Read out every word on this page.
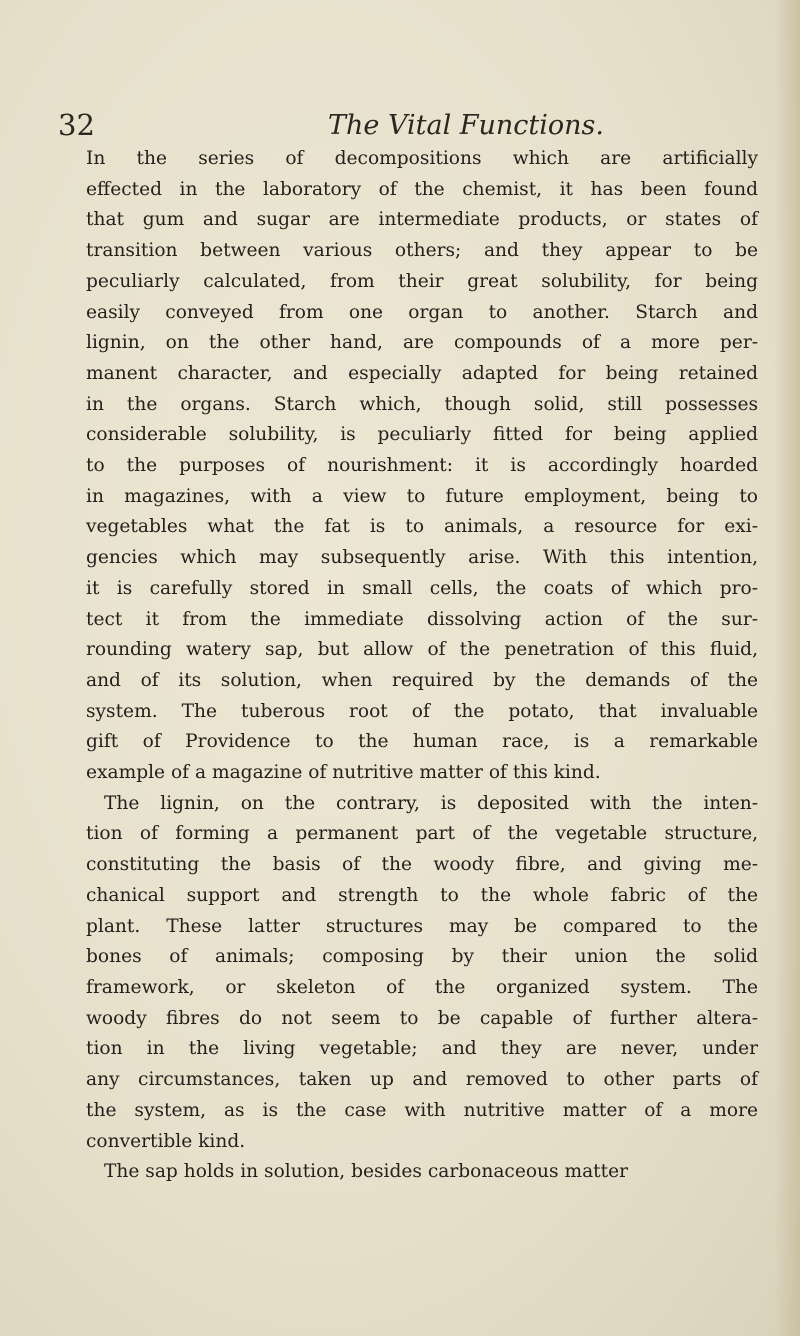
32	The Vital Functions.
In the series of decompositions which are artificially
effected in the laboratory of the chemist, it has been found
that gum and sugar are intermediate products, or states of
transition between various others; and they appear to be
peculiarly calculated, from their great solubility, for being
easily conveyed from one organ to another. Starch and
lignin, on the other hand, are compounds of a more per-
manent character, and especially adapted for being retained
in the organs. Starch which, though solid, still possesses
considerable solubility, is peculiarly fitted for being applied
to the purposes of nourishment: it is accordingly hoarded
in magazines, with a view to future employment, being to
vegetables what the fat is to animals, a resource for exi-
gencies which may subsequently arise. With this intention,
it is carefully stored in small cells, the coats of which pro-
tect it from the immediate dissolving action of the sur-
rounding watery sap, but allow of the penetration of this fluid,
and of its solution, when required by the demands of the
system. The tuberous root of the potato, that invaluable
gift of Providence to the human race, is a remarkable
example of a magazine of nutritive matter of this kind.
The lignin, on the contrary, is deposited with the inten-
tion of forming a permanent part of the vegetable structure,
constituting the basis of the woody fibre, and giving me-
chanical support and strength to the whole fabric of the
plant. These latter structures may be compared to the
bones of animals; composing by their union the solid
framework, or skeleton of the organized system. The
woody fibres do not seem to be capable of further altera-
tion in the living vegetable; and they are never, under
any circumstances, taken up and removed to other parts of
the system, as is the case with nutritive matter of a more
convertible kind.
The sap holds in solution, besides carbonaceous matter
